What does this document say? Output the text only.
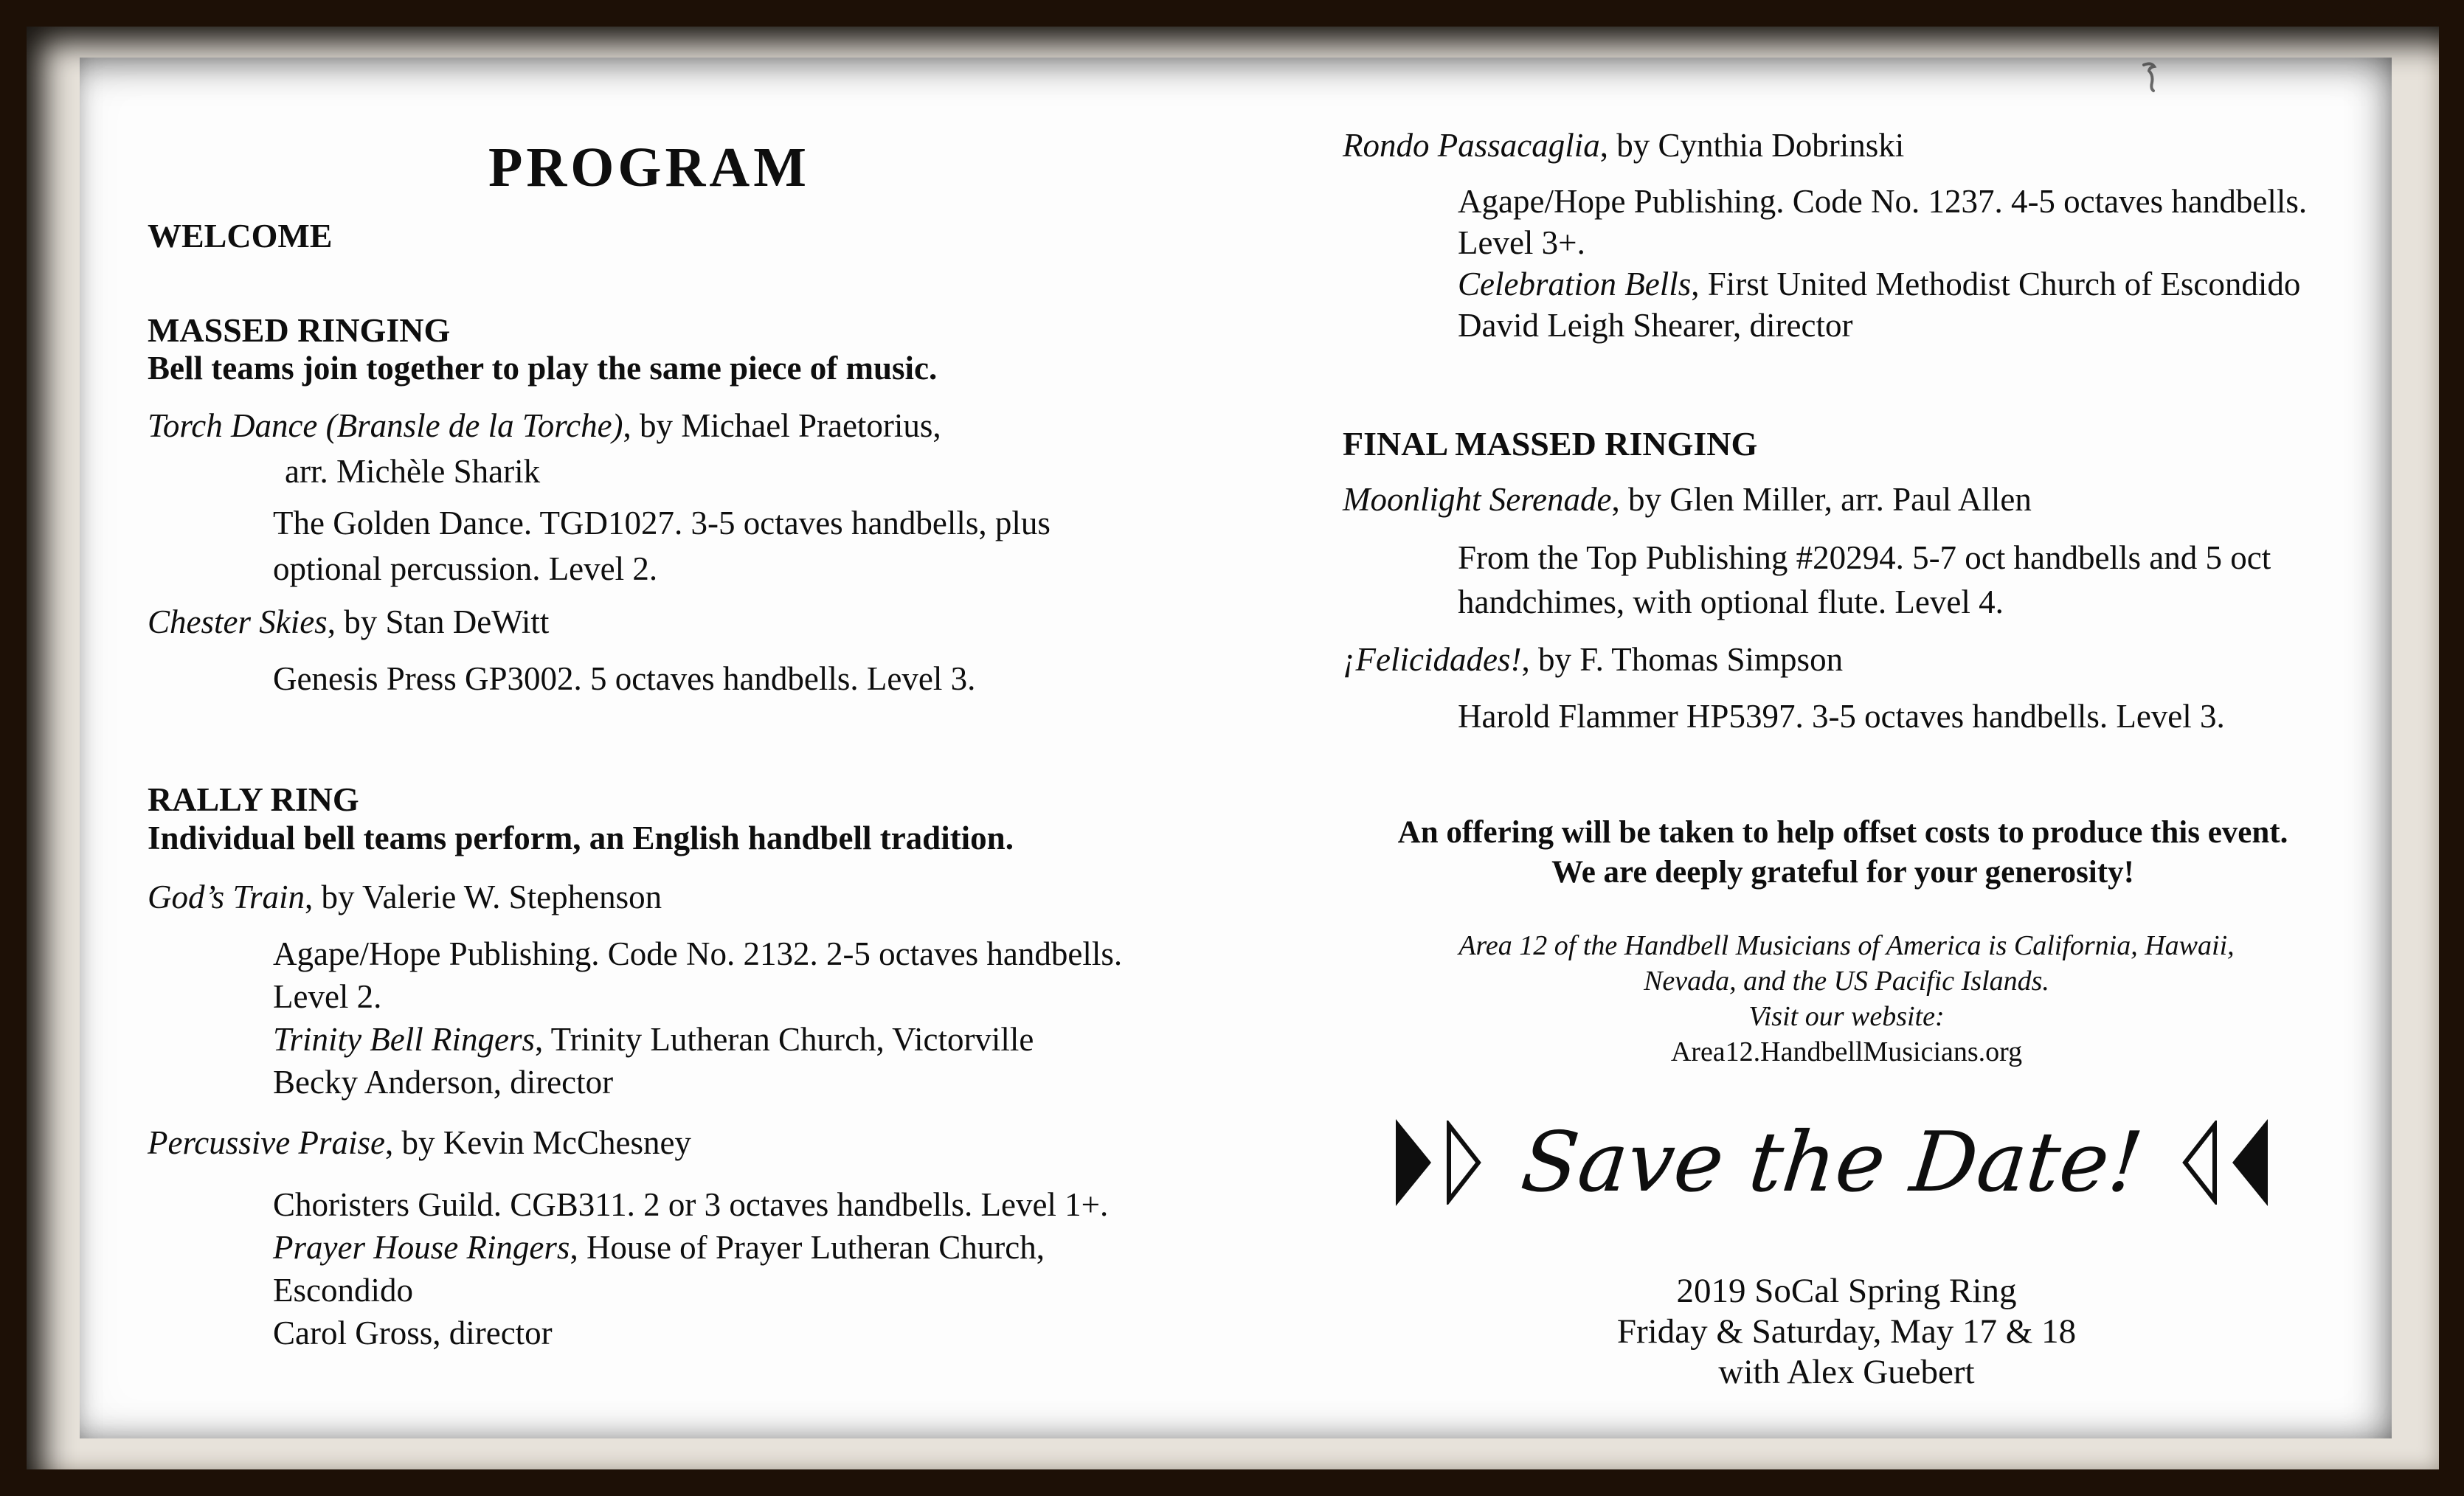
PROGRAM
WELCOME
MASSED RINGING
Bell teams join together to play the same piece of music.
Torch Dance (Bransle de la Torche), by Michael Praetorius,
arr. Michèle Sharik
The Golden Dance. TGD1027. 3-5 octaves handbells, plus
optional percussion. Level 2.
Chester Skies, by Stan DeWitt
Genesis Press GP3002. 5 octaves handbells. Level 3.
RALLY RING
Individual bell teams perform, an English handbell tradition.
God’s Train, by Valerie W. Stephenson
Agape/Hope Publishing. Code No. 2132. 2-5 octaves handbells.
Level 2.
Trinity Bell Ringers, Trinity Lutheran Church, Victorville
Becky Anderson, director
Percussive Praise, by Kevin McChesney
Choristers Guild. CGB311. 2 or 3 octaves handbells. Level 1+.
Prayer House Ringers, House of Prayer Lutheran Church,
Escondido
Carol Gross, director
Rondo Passacaglia, by Cynthia Dobrinski
Agape/Hope Publishing. Code No. 1237. 4-5 octaves handbells.
Level 3+.
Celebration Bells, First United Methodist Church of Escondido
David Leigh Shearer, director
FINAL MASSED RINGING
Moonlight Serenade, by Glen Miller, arr. Paul Allen
From the Top Publishing #20294. 5-7 oct handbells and 5 oct
handchimes, with optional flute. Level 4.
¡Felicidades!, by F. Thomas Simpson
Harold Flammer HP5397. 3-5 octaves handbells. Level 3.
An offering will be taken to help offset costs to produce this event.
We are deeply grateful for your generosity!
Area 12 of the Handbell Musicians of America is California, Hawaii,
Nevada, and the US Pacific Islands.
Visit our website:
Area12.HandbellMusicians.org
Save the Date!
2019 SoCal Spring Ring
Friday & Saturday, May 17 & 18
with Alex Guebert
